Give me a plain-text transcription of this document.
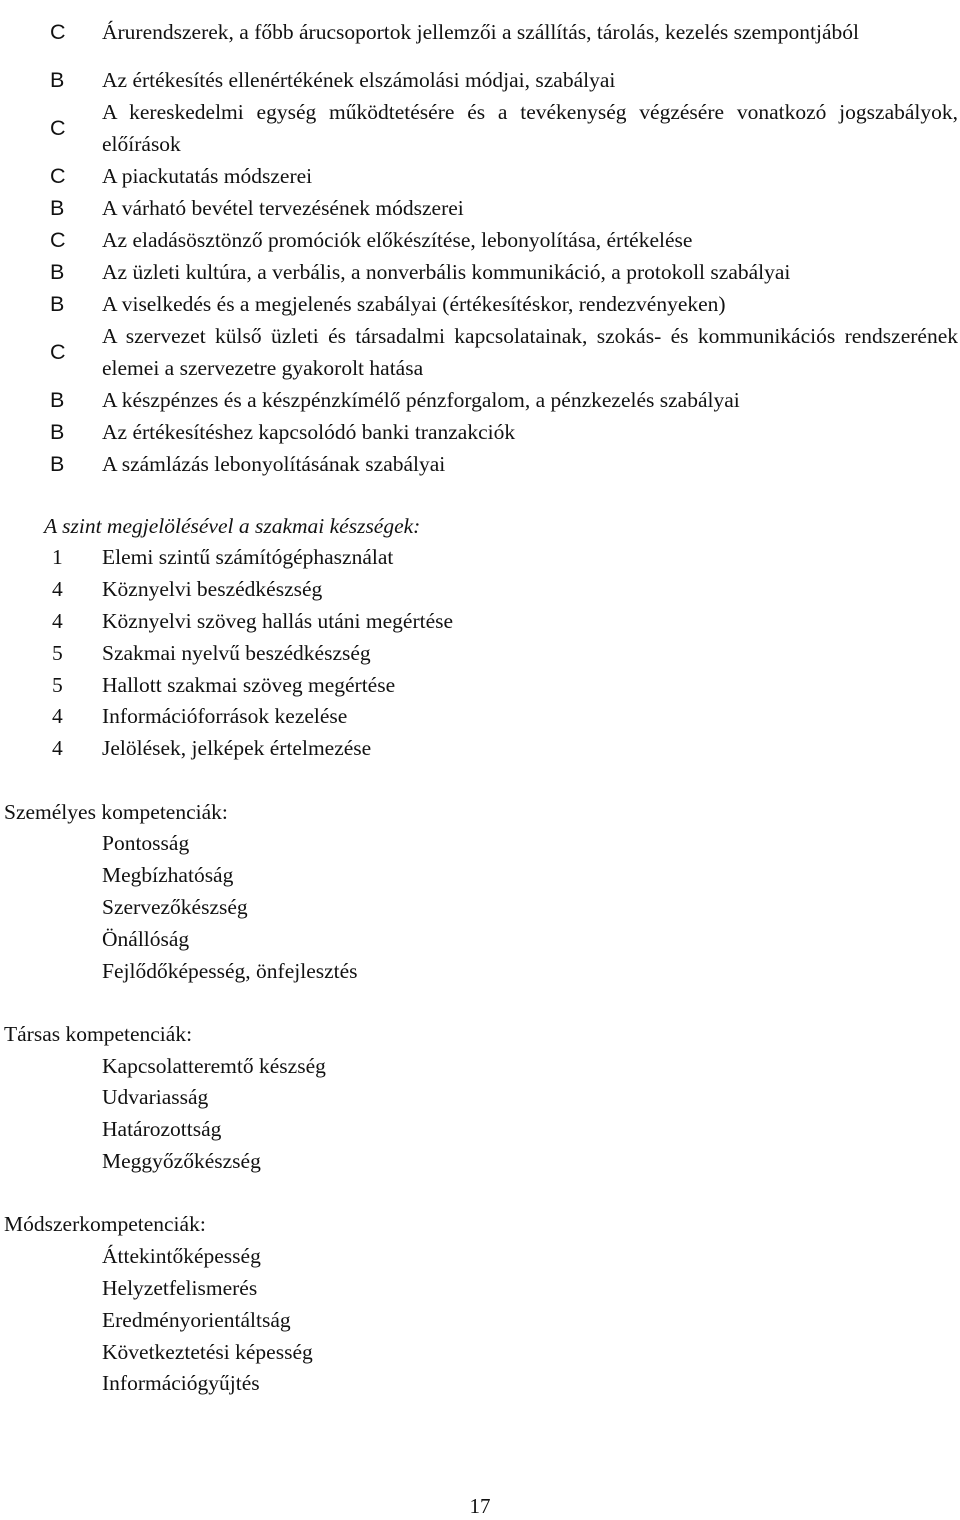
C Árurendszerek, a főbb árucsoportok jellemzői a szállítás, tárolás, kezelés szempontjából
B Az értékesítés ellenértékének elszámolási módjai, szabályai
C
A kereskedelmi egység működtetésére és a tevékenység végzésére vonatkozó jogszabályok, előírások
C A piackutatás módszerei
B A várható bevétel tervezésének módszerei
C Az eladásösztönző promóciók előkészítése, lebonyolítása, értékelése
B Az üzleti kultúra, a verbális, a nonverbális kommunikáció, a protokoll szabályai
B A viselkedés és a megjelenés szabályai (értékesítéskor, rendezvényeken)
C
A szervezet külső üzleti és társadalmi kapcsolatainak, szokás- és kommunikációs rendszerének elemei a szervezetre gyakorolt hatása
B A készpénzes és a készpénzkímélő pénzforgalom, a pénzkezelés szabályai
B Az értékesítéshez kapcsolódó banki tranzakciók
B A számlázás lebonyolításának szabályai
A szint megjelölésével a szakmai készségek:
1 Elemi szintű számítógéphasználat
4 Köznyelvi beszédkészség
4 Köznyelvi szöveg hallás utáni megértése
5 Szakmai nyelvű beszédkészség
5 Hallott szakmai szöveg megértése
4 Információforrások kezelése
4 Jelölések, jelképek értelmezése
Személyes kompetenciák:
Pontosság
Megbízhatóság
Szervezőkészség
Önállóság
Fejlődőképesség, önfejlesztés
Társas kompetenciák:
Kapcsolatteremtő készség
Udvariasság
Határozottság
Meggyőzőkészség
Módszerkompetenciák:
Áttekintőképesség
Helyzetfelismerés
Eredményorientáltság
Következtetési képesség
Információgyűjtés
17
